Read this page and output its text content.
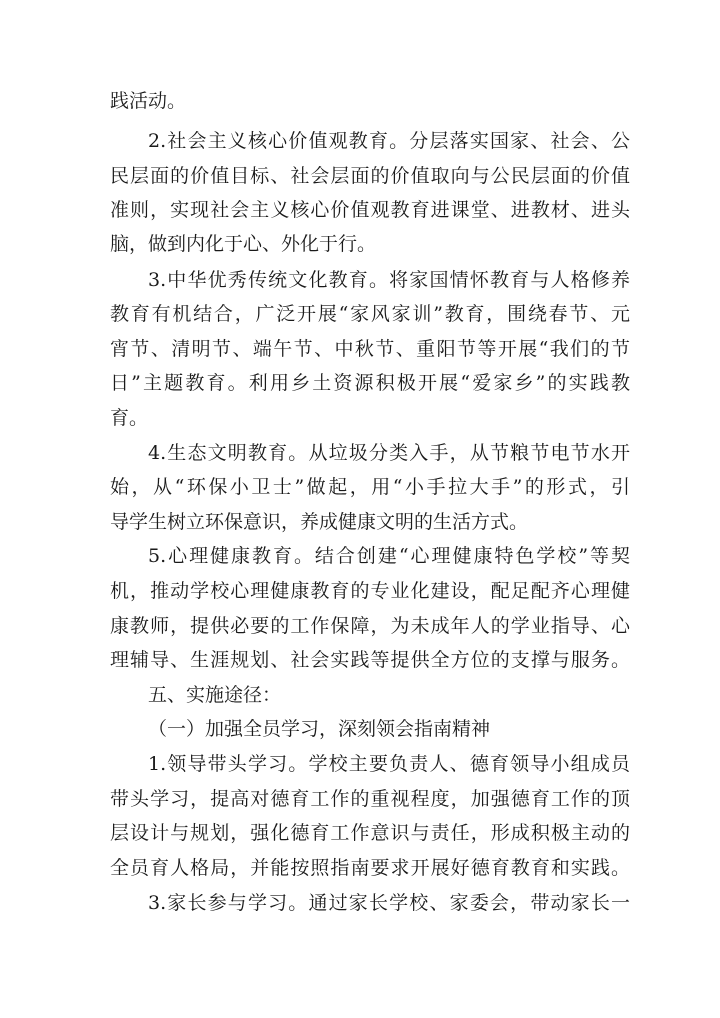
践活动。
2.社会主义核心价值观教育。分层落实国家、社会、公
民层面的价值目标、社会层面的价值取向与公民层面的价值
准则，实现社会主义核心价值观教育进课堂、进教材、进头
脑，做到内化于心、外化于行。
3.中华优秀传统文化教育。将家国情怀教育与人格修养
教育有机结合，广泛开展“家风家训”教育，围绕春节、元
宵节、清明节、端午节、中秋节、重阳节等开展“我们的节
日”主题教育。利用乡土资源积极开展“爱家乡”的实践教
育。
4.生态文明教育。从垃圾分类入手，从节粮节电节水开
始，从“环保小卫士”做起，用“小手拉大手”的形式，引
导学生树立环保意识，养成健康文明的生活方式。
5.心理健康教育。结合创建“心理健康特色学校”等契
机，推动学校心理健康教育的专业化建设，配足配齐心理健
康教师，提供必要的工作保障，为未成年人的学业指导、心
理辅导、生涯规划、社会实践等提供全方位的支撑与服务。
五、实施途径：
（一）加强全员学习，深刻领会指南精神
1.领导带头学习。学校主要负责人、德育领导小组成员
带头学习，提高对德育工作的重视程度，加强德育工作的顶
层设计与规划，强化德育工作意识与责任，形成积极主动的
全员育人格局，并能按照指南要求开展好德育教育和实践。
3.家长参与学习。通过家长学校、家委会，带动家长一
